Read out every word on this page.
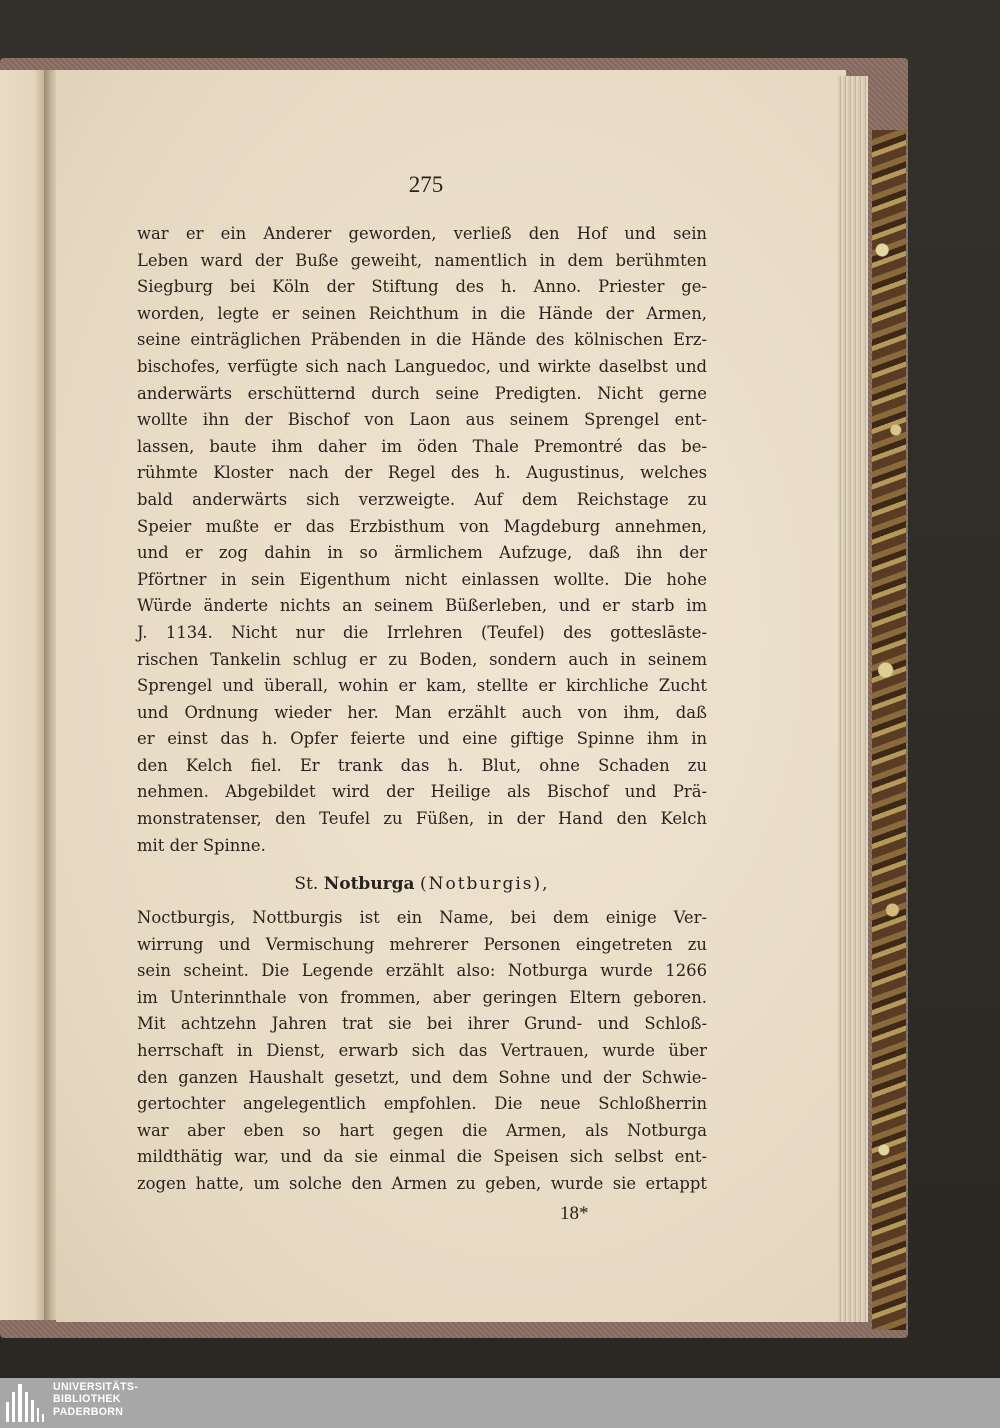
275
war er ein Anderer geworden, verließ den Hof und sein
Leben ward der Buße geweiht, namentlich in dem berühmten
Siegburg bei Köln der Stiftung des h. Anno. Priester ge-
worden, legte er seinen Reichthum in die Hände der Armen,
seine einträglichen Präbenden in die Hände des kölnischen Erz-
bischofes, verfügte sich nach Languedoc, und wirkte daselbst und
anderwärts erschütternd durch seine Predigten. Nicht gerne
wollte ihn der Bischof von Laon aus seinem Sprengel ent-
lassen, baute ihm daher im öden Thale Premontré das be-
rühmte Kloster nach der Regel des h. Augustinus, welches
bald anderwärts sich verzweigte. Auf dem Reichstage zu
Speier mußte er das Erzbisthum von Magdeburg annehmen,
und er zog dahin in so ärmlichem Aufzuge, daß ihn der
Pförtner in sein Eigenthum nicht einlassen wollte. Die hohe
Würde änderte nichts an seinem Büßerleben, und er starb im
J. 1134. Nicht nur die Irrlehren (Teufel) des gotteslāste-
rischen Tankelin schlug er zu Boden, sondern auch in seinem
Sprengel und überall, wohin er kam, stellte er kirchliche Zucht
und Ordnung wieder her. Man erzählt auch von ihm, daß
er einst das h. Opfer feierte und eine giftige Spinne ihm in
den Kelch fiel. Er trank das h. Blut, ohne Schaden zu
nehmen. Abgebildet wird der Heilige als Bischof und Prä-
monstratenser, den Teufel zu Füßen, in der Hand den Kelch
mit der Spinne.
St. Notburga (Notburgis),
Noctburgis, Nottburgis ist ein Name, bei dem einige Ver-
wirrung und Vermischung mehrerer Personen eingetreten zu
sein scheint. Die Legende erzählt also: Notburga wurde 1266
im Unterinnthale von frommen, aber geringen Eltern geboren.
Mit achtzehn Jahren trat sie bei ihrer Grund- und Schloß-
herrschaft in Dienst, erwarb sich das Vertrauen, wurde über
den ganzen Haushalt gesetzt, und dem Sohne und der Schwie-
gertochter angelegentlich empfohlen. Die neue Schloßherrin
war aber eben so hart gegen die Armen, als Notburga
mildthätig war, und da sie einmal die Speisen sich selbst ent-
zogen hatte, um solche den Armen zu geben, wurde sie ertappt
18*
UNIVERSITÄTS-
BIBLIOTHEK
PADERBORN
